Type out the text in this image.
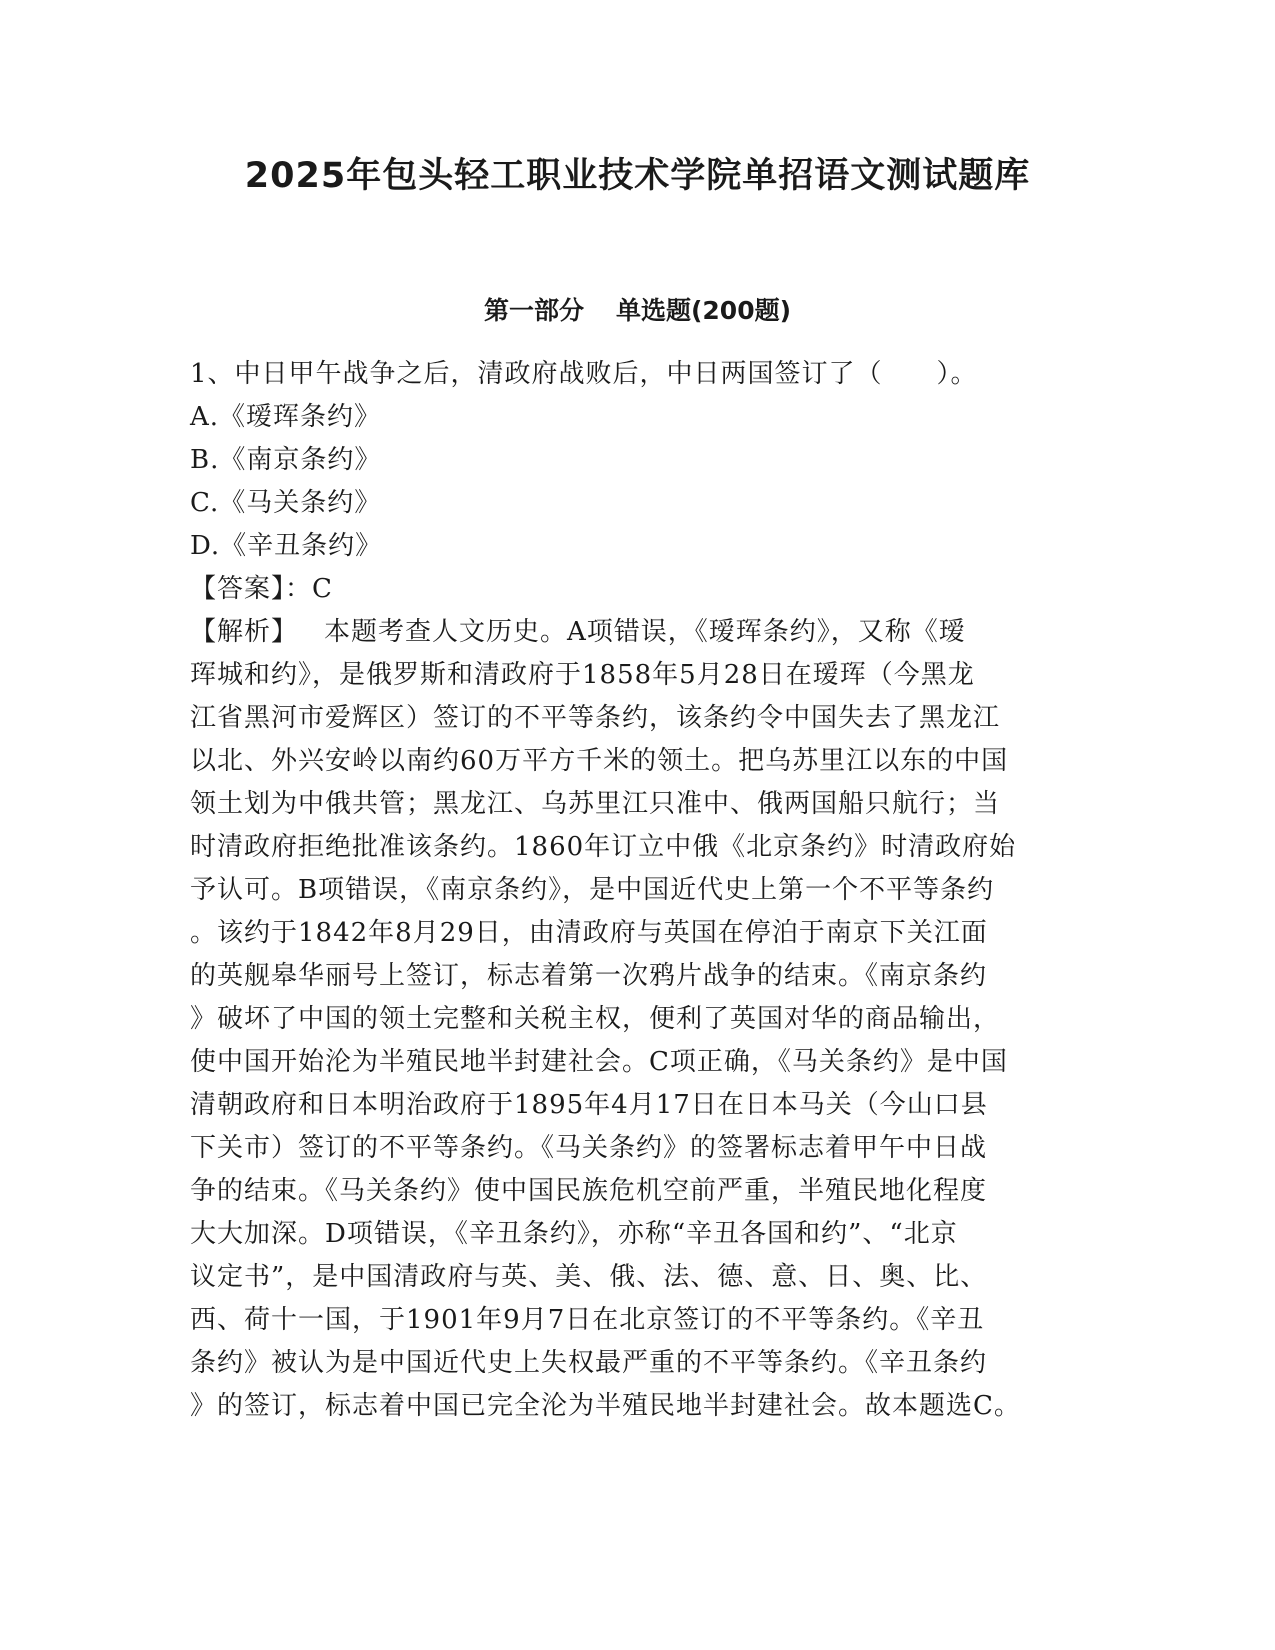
2025年包头轻工职业技术学院单招语文测试题库
第一部分 单选题(200题)
1、中日甲午战争之后，清政府战败后，中日两国签订了（　　）。
A.《瑷珲条约》
B.《南京条约》
C.《马关条约》
D.《辛丑条约》
【答案】：C
【解析】 本题考查人文历史。A项错误，《瑷珲条约》，又称《瑷
珲城和约》，是俄罗斯和清政府于1858年5月28日在瑷珲（今黑龙
江省黑河市爱辉区）签订的不平等条约，该条约令中国失去了黑龙江
以北、外兴安岭以南约60万平方千米的领土。把乌苏里江以东的中国
领土划为中俄共管；黑龙江、乌苏里江只准中、俄两国船只航行；当
时清政府拒绝批准该条约。1860年订立中俄《北京条约》时清政府始
予认可。B项错误，《南京条约》，是中国近代史上第一个不平等条约
。该约于1842年8月29日，由清政府与英国在停泊于南京下关江面
的英舰皋华丽号上签订，标志着第一次鸦片战争的结束。《南京条约
》破坏了中国的领土完整和关税主权，便利了英国对华的商品输出，
使中国开始沦为半殖民地半封建社会。C项正确，《马关条约》是中国
清朝政府和日本明治政府于1895年4月17日在日本马关（今山口县
下关市）签订的不平等条约。《马关条约》的签署标志着甲午中日战
争的结束。《马关条约》使中国民族危机空前严重，半殖民地化程度
大大加深。D项错误，《辛丑条约》，亦称“辛丑各国和约”、“北京
议定书”，是中国清政府与英、美、俄、法、德、意、日、奥、比、
西、荷十一国，于1901年9月7日在北京签订的不平等条约。《辛丑
条约》被认为是中国近代史上失权最严重的不平等条约。《辛丑条约
》的签订，标志着中国已完全沦为半殖民地半封建社会。故本题选C。
